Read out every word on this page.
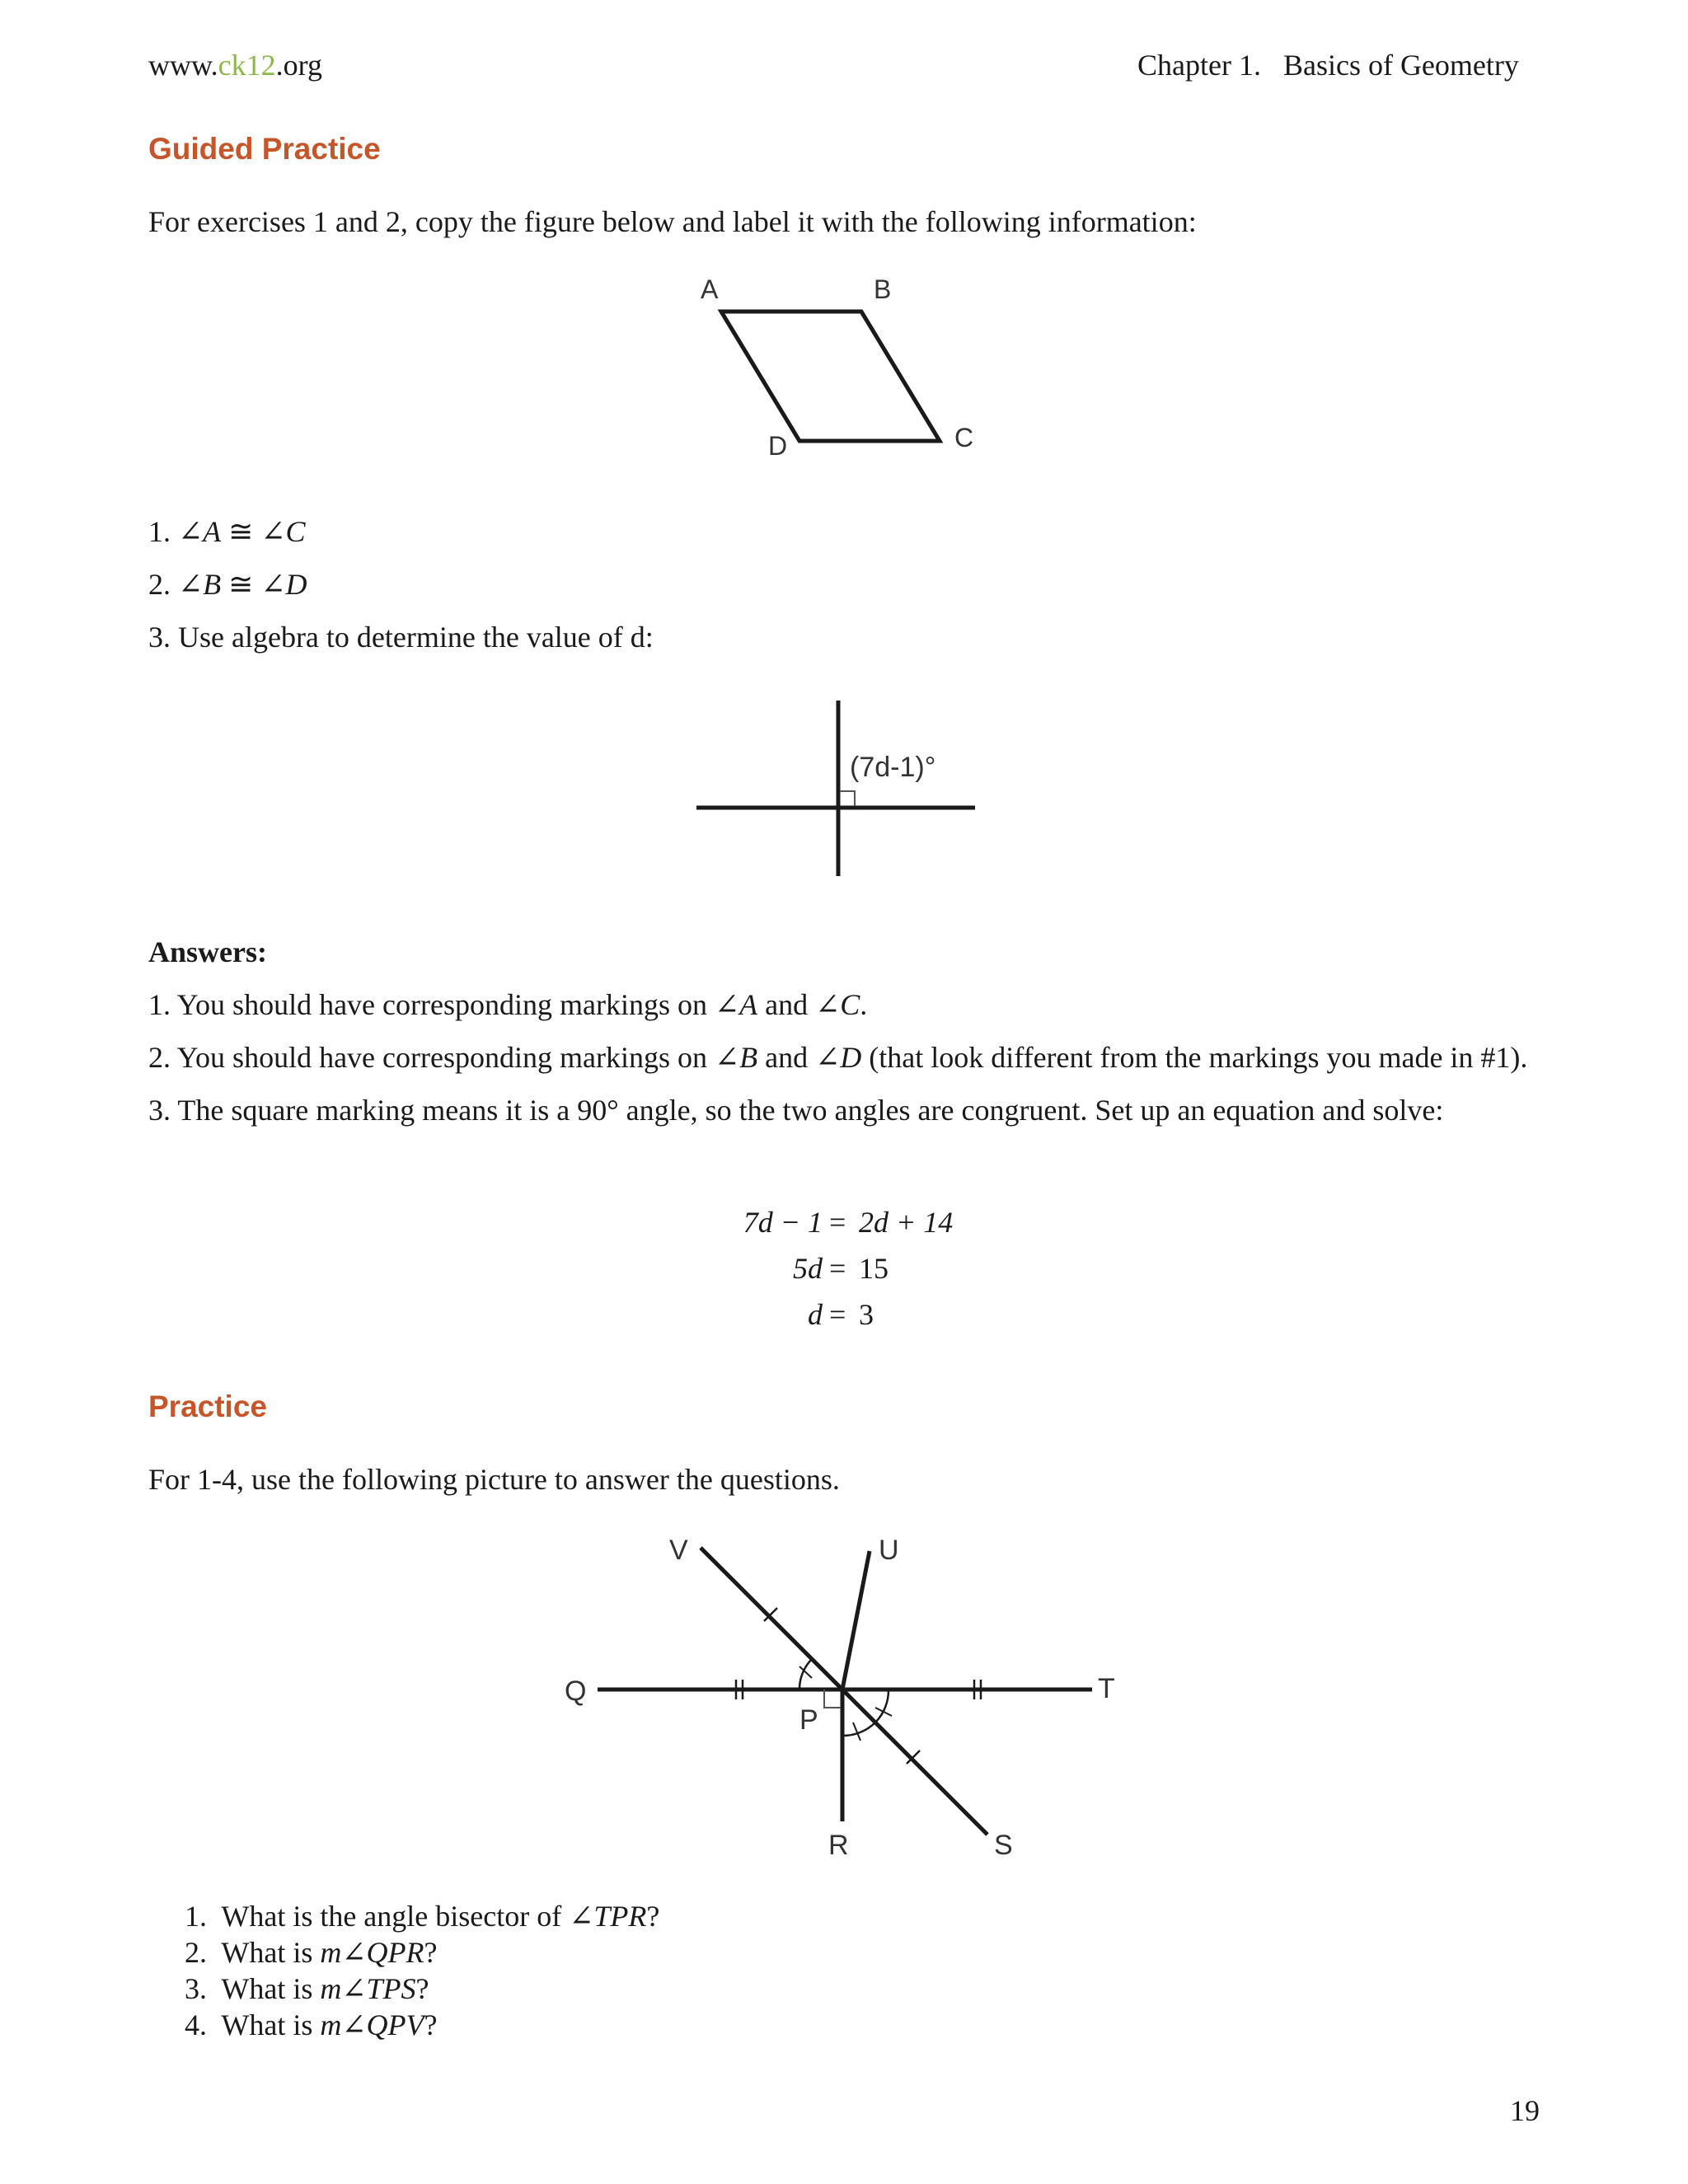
www.ck12.org	Chapter 1.   Basics of Geometry
Guided Practice
For exercises 1 and 2, copy the figure below and label it with the following information:
A	B
C
D
1. ∠A ≅ ∠C
2. ∠B ≅ ∠D
3. Use algebra to determine the value of d:
(7d-1)°
Answers:
1. You should have corresponding markings on ∠A and ∠C.
2. You should have corresponding markings on ∠B and ∠D (that look different from the markings you made in #1).
3. The square marking means it is a 90° angle, so the two angles are congruent. Set up an equation and solve:
7d − 1 = 2d + 14
5d = 15
d = 3
Practice
For 1-4, use the following picture to answer the questions.
V	U
Q	T
P
R	S
1. What is the angle bisector of ∠TPR?
2. What is m∠QPR?
3. What is m∠TPS?
4. What is m∠QPV?
19
